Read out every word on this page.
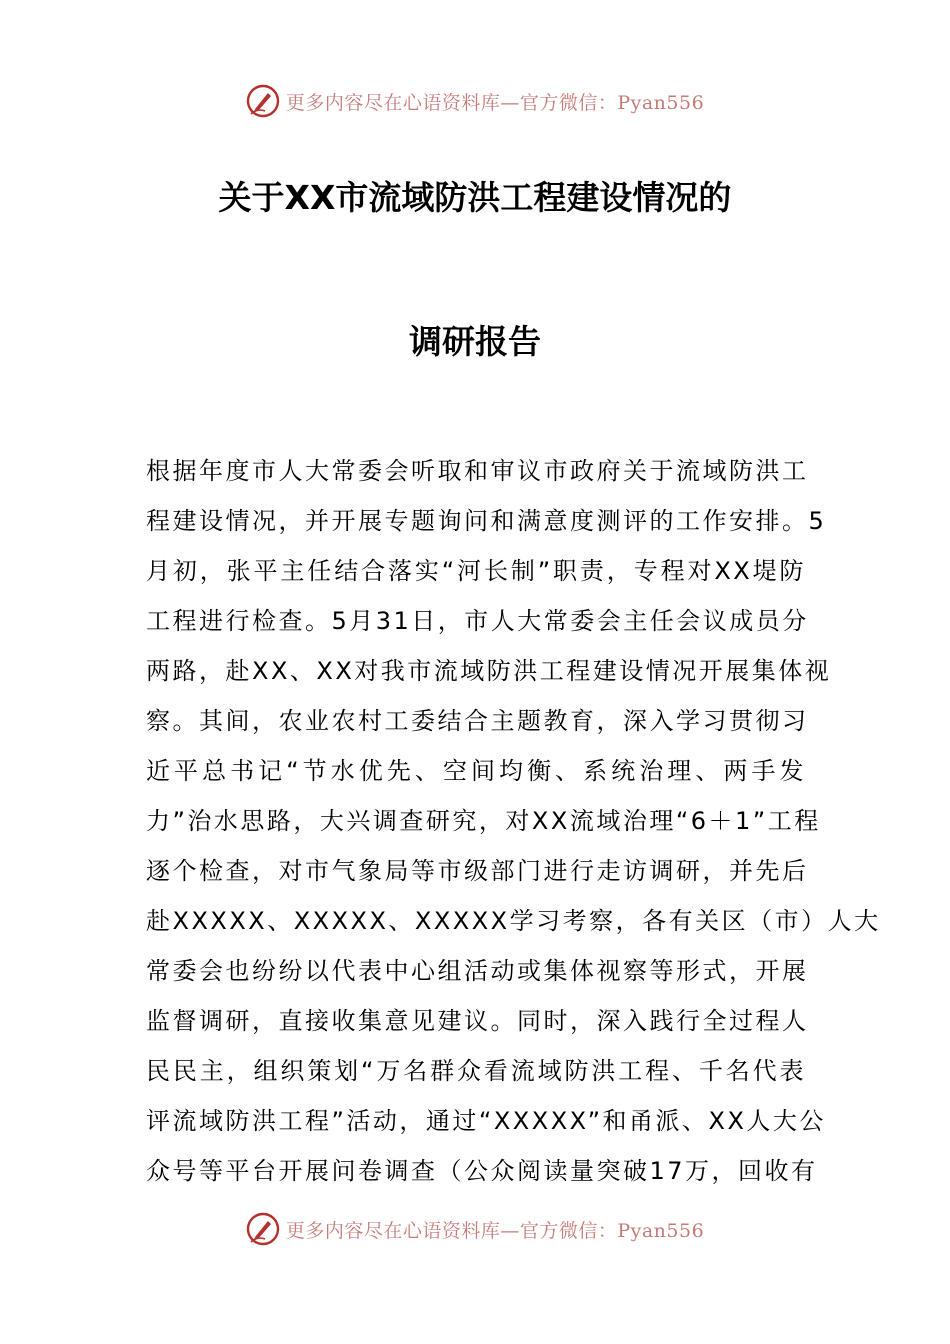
更多内容尽在心语资料库—官方微信：Pyan556
关于XX市流域防洪工程建设情况的
调研报告
根据年度市人大常委会听取和审议市政府关于流域防洪工
程建设情况，并开展专题询问和满意度测评的工作安排。5
月初，张平主任结合落实“河长制”职责，专程对XX堤防
工程进行检查。5月31日，市人大常委会主任会议成员分
两路，赴XX、XX对我市流域防洪工程建设情况开展集体视
察。其间，农业农村工委结合主题教育，深入学习贯彻习
近平总书记“节水优先、空间均衡、系统治理、两手发
力”治水思路，大兴调查研究，对XX流域治理“6＋1”工程
逐个检查，对市气象局等市级部门进行走访调研，并先后
赴XXXXX、XXXXX、XXXXX学习考察，各有关区（市）人大
常委会也纷纷以代表中心组活动或集体视察等形式，开展
监督调研，直接收集意见建议。同时，深入践行全过程人
民民主，组织策划“万名群众看流域防洪工程、千名代表
评流域防洪工程”活动，通过“XXXXX”和甬派、XX人大公
众号等平台开展问卷调查（公众阅读量突破17万，回收有
更多内容尽在心语资料库—官方微信：Pyan556
